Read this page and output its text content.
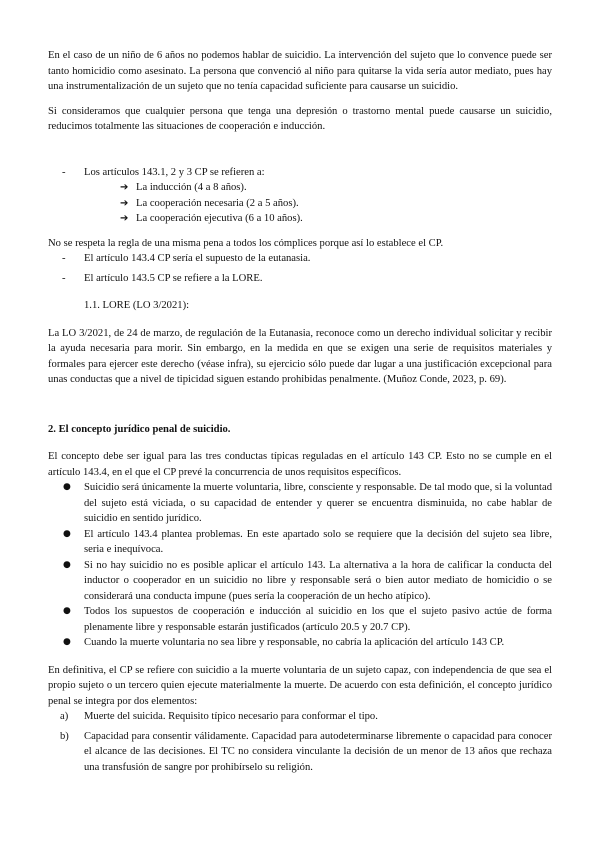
En el caso de un niño de 6 años no podemos hablar de suicidio. La intervención del sujeto que lo convence puede ser tanto homicidio como asesinato. La persona que convenció al niño para quitarse la vida sería autor mediato, pues hay una instrumentalización de un sujeto que no tenía capacidad suficiente para causarse un suicidio.

Si consideramos que cualquier persona que tenga una depresión o trastorno mental puede causarse un suicidio, reducimos totalmente las situaciones de cooperación e inducción.

- Los artículos 143.1, 2 y 3 CP se refieren a:
➔ La inducción (4 a 8 años).
➔ La cooperación necesaria (2 a 5 años).
➔ La cooperación ejecutiva (6 a 10 años).

No se respeta la regla de una misma pena a todos los cómplices porque así lo establece el CP.

- El artículo 143.4 CP sería el supuesto de la eutanasia.
- El artículo 143.5 CP se refiere a la LORE.

1.1. LORE (LO 3/2021):

La LO 3/2021, de 24 de marzo, de regulación de la Eutanasia, reconoce como un derecho individual solicitar y recibir la ayuda necesaria para morir. Sin embargo, en la medida en que se exigen una serie de requisitos materiales y formales para ejercer este derecho (véase infra), su ejercicio sólo puede dar lugar a una justificación excepcional para unas conductas que a nivel de tipicidad siguen estando prohibidas penalmente. (Muñoz Conde, 2023, p. 69).

2. El concepto jurídico penal de suicidio.

El concepto debe ser igual para las tres conductas típicas reguladas en el artículo 143 CP. Esto no se cumple en el artículo 143.4, en el que el CP prevé la concurrencia de unos requisitos específicos.

● Suicidio será únicamente la muerte voluntaria, libre, consciente y responsable. De tal modo que, si la voluntad del sujeto está viciada, o su capacidad de entender y querer se encuentra disminuida, no cabe hablar de suicidio en sentido jurídico.
● El artículo 143.4 plantea problemas. En este apartado solo se requiere que la decisión del sujeto sea libre, seria e inequívoca.
● Si no hay suicidio no es posible aplicar el artículo 143. La alternativa a la hora de calificar la conducta del inductor o cooperador en un suicidio no libre y responsable será o bien autor mediato de homicidio o se considerará una conducta impune (pues sería la cooperación de un hecho atípico).
● Todos los supuestos de cooperación e inducción al suicidio en los que el sujeto pasivo actúe de forma plenamente libre y responsable estarán justificados (artículo 20.5 y 20.7 CP).
● Cuando la muerte voluntaria no sea libre y responsable, no cabría la aplicación del artículo 143 CP.

En definitiva, el CP se refiere con suicidio a la muerte voluntaria de un sujeto capaz, con independencia de que sea el propio sujeto o un tercero quien ejecute materialmente la muerte. De acuerdo con esta definición, el concepto jurídico penal se integra por dos elementos:

a) Muerte del suicida. Requisito típico necesario para conformar el tipo.
b) Capacidad para consentir válidamente. Capacidad para autodeterminarse libremente o capacidad para conocer el alcance de las decisiones. El TC no considera vinculante la decisión de un menor de 13 años que rechaza una transfusión de sangre por prohibírselo su religión.
